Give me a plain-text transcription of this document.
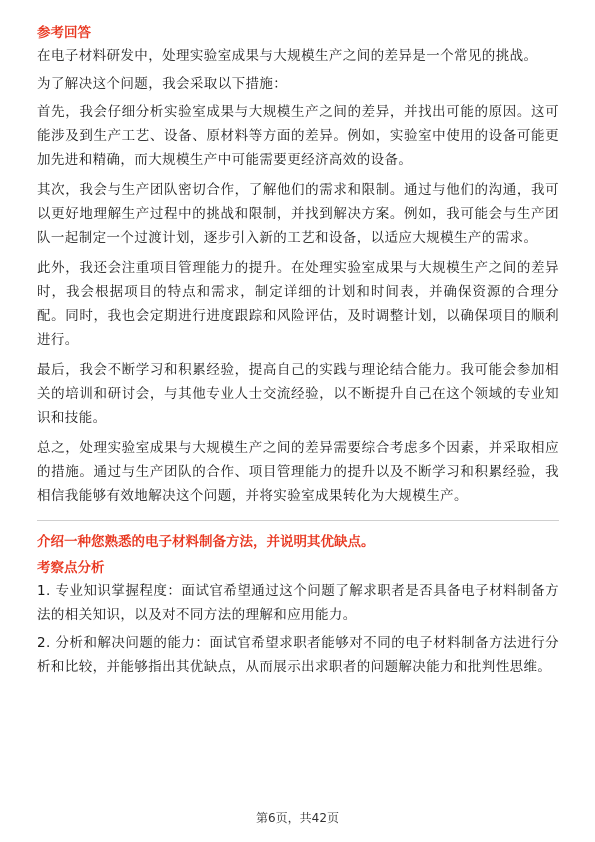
参考回答

在电子材料研发中，处理实验室成果与大规模生产之间的差异是一个常见的挑战。

为了解决这个问题，我会采取以下措施：

首先，我会仔细分析实验室成果与大规模生产之间的差异，并找出可能的原因。这可能涉及到生产工艺、设备、原材料等方面的差异。例如，实验室中使用的设备可能更加先进和精确，而大规模生产中可能需要更经济高效的设备。

其次，我会与生产团队密切合作，了解他们的需求和限制。通过与他们的沟通，我可以更好地理解生产过程中的挑战和限制，并找到解决方案。例如，我可能会与生产团队一起制定一个过渡计划，逐步引入新的工艺和设备，以适应大规模生产的需求。

此外，我还会注重项目管理能力的提升。在处理实验室成果与大规模生产之间的差异时，我会根据项目的特点和需求，制定详细的计划和时间表，并确保资源的合理分配。同时，我也会定期进行进度跟踪和风险评估，及时调整计划，以确保项目的顺利进行。

最后，我会不断学习和积累经验，提高自己的实践与理论结合能力。我可能会参加相关的培训和研讨会，与其他专业人士交流经验，以不断提升自己在这个领域的专业知识和技能。

总之，处理实验室成果与大规模生产之间的差异需要综合考虑多个因素，并采取相应的措施。通过与生产团队的合作、项目管理能力的提升以及不断学习和积累经验，我相信我能够有效地解决这个问题，并将实验室成果转化为大规模生产。

介绍一种您熟悉的电子材料制备方法，并说明其优缺点。

考察点分析

1. 专业知识掌握程度：面试官希望通过这个问题了解求职者是否具备电子材料制备方法的相关知识，以及对不同方法的理解和应用能力。

2. 分析和解决问题的能力：面试官希望求职者能够对不同的电子材料制备方法进行分析和比较，并能够指出其优缺点，从而展示出求职者的问题解决能力和批判性思维。

第6页，共42页
